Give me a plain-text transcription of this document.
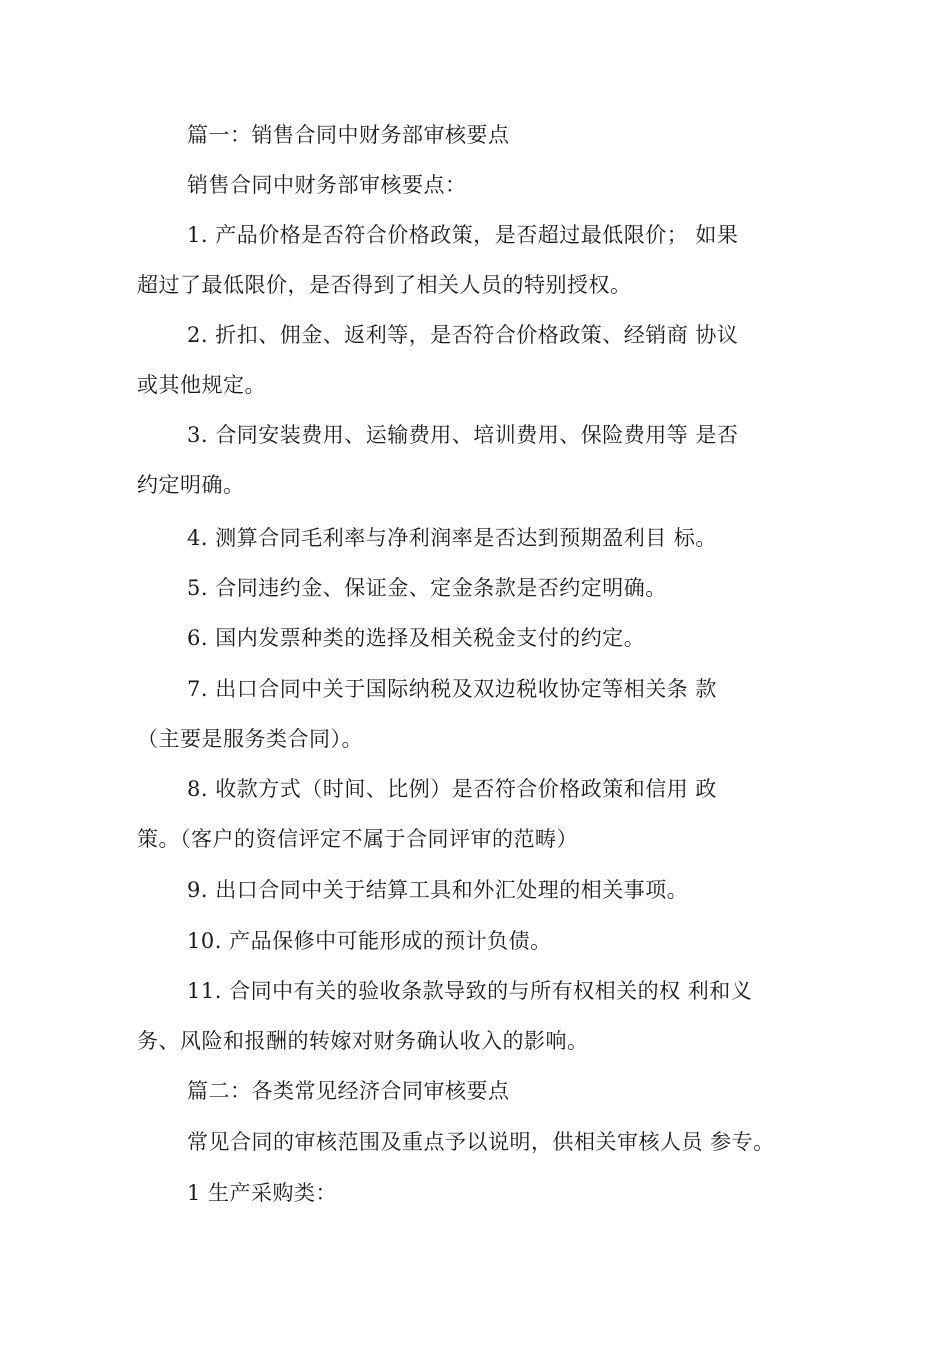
篇一：销售合同中财务部审核要点
销售合同中财务部审核要点：
1. 产品价格是否符合价格政策，是否超过最低限价； 如果
超过了最低限价，是否得到了相关人员的特别授权。
2. 折扣、佣金、返利等，是否符合价格政策、经销商 协议
或其他规定。
3. 合同安装费用、运输费用、培训费用、保险费用等 是否
约定明确。
4. 测算合同毛利率与净利润率是否达到预期盈利目 标。
5. 合同违约金、保证金、定金条款是否约定明确。
6. 国内发票种类的选择及相关税金支付的约定。
7. 出口合同中关于国际纳税及双边税收协定等相关条 款
（主要是服务类合同）。
8. 收款方式（时间、比例）是否符合价格政策和信用 政
策。（客户的资信评定不属于合同评审的范畴）
9. 出口合同中关于结算工具和外汇处理的相关事项。
10. 产品保修中可能形成的预计负债。
11. 合同中有关的验收条款导致的与所有权相关的权 利和义
务、风险和报酬的转嫁对财务确认收入的影响。
篇二：各类常见经济合同审核要点
常见合同的审核范围及重点予以说明，供相关审核人员 参专。
1 生产采购类：
